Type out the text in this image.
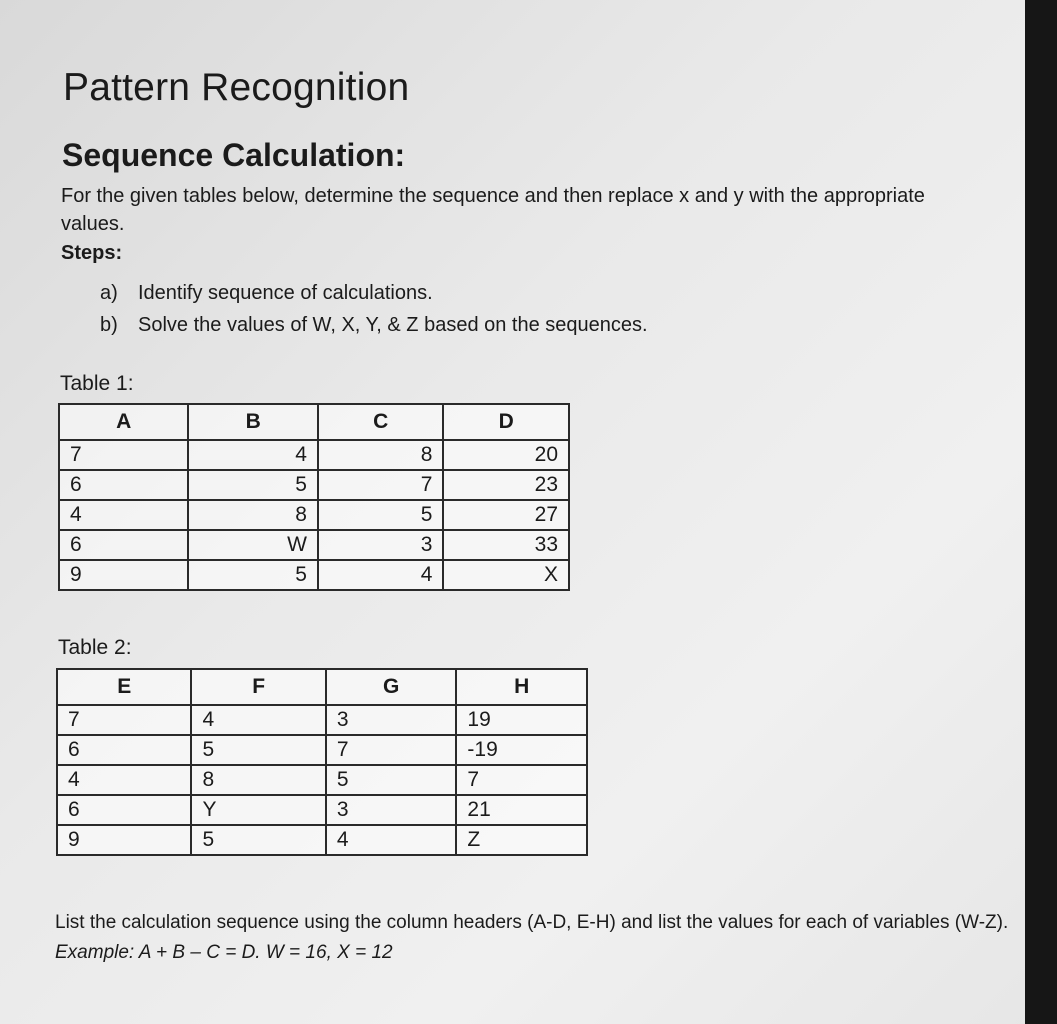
Pattern Recognition
Sequence Calculation:

For the given tables below, determine the sequence and then replace x and y with the appropriate values.

Steps:

a) Identify sequence of calculations.
b) Solve the values of W, X, Y, & Z based on the sequences.

Table 1:

A	B	C	D
7	4	8	20
6	5	7	23
4	8	5	27
6	W	3	33
9	5	4	X

Table 2:

E	F	G	H
7	4	3	19
6	5	7	-19
4	8	5	7
6	Y	3	21
9	5	4	Z

List the calculation sequence using the column headers (A-D, E-H) and list the values for each of variables (W-Z). Example: A + B – C = D. W = 16, X = 12
